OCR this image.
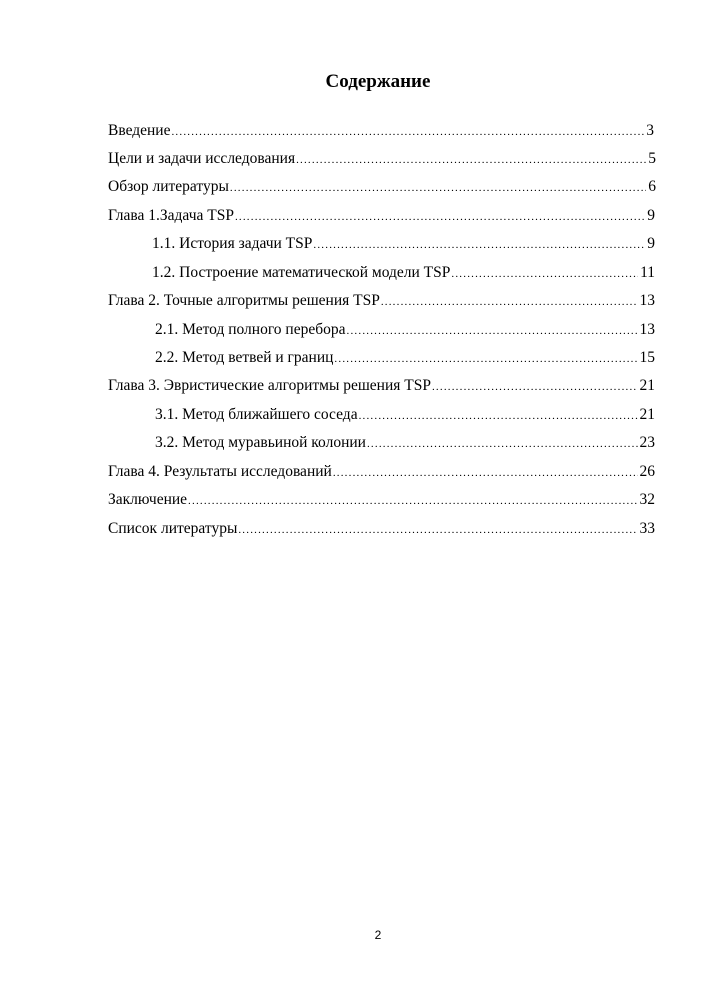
Содержание
Введение .....	3
Цели и задачи исследования .....	5
Обзор литературы .....	6
Глава 1.Задача TSP .....	9
1.1. История задачи TSP .....	9
1.2. Построение математической модели TSP .....	11
Глава 2. Точные алгоритмы решения TSP .....	13
2.1. Метод полного перебора .....	13
2.2. Метод ветвей и границ .....	15
Глава 3. Эвристические алгоритмы решения TSP .....	21
3.1. Метод ближайшего соседа .....	21
3.2. Метод муравьиной колонии .....	23
Глава 4. Результаты исследований .....	26
Заключение .....	32
Список литературы .....	33
2
